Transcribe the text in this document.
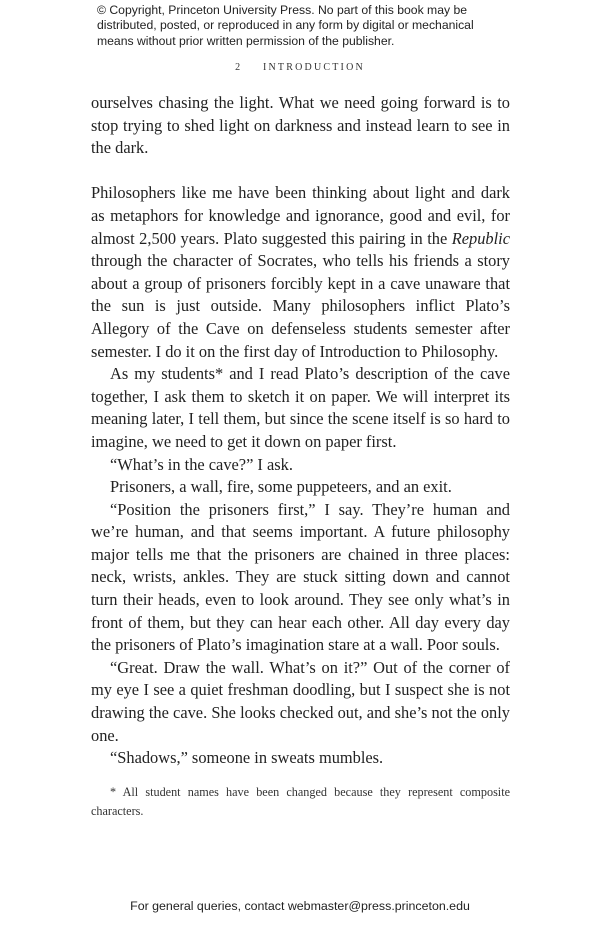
© Copyright, Princeton University Press. No part of this book may be
distributed, posted, or reproduced in any form by digital or mechanical
means without prior written permission of the publisher.
2 INTRODUCTION

ourselves chasing the light. What we need going forward is to stop trying to shed light on darkness and instead learn to see in the dark.

Philosophers like me have been thinking about light and dark as metaphors for knowledge and ignorance, good and evil, for almost 2,500 years. Plato suggested this pairing in the Republic through the character of Socrates, who tells his friends a story about a group of prisoners forcibly kept in a cave unaware that the sun is just outside. Many philosophers inflict Plato’s Allegory of the Cave on defenseless students semester after semester. I do it on the first day of Introduction to Philosophy.

As my students* and I read Plato’s description of the cave together, I ask them to sketch it on paper. We will interpret its meaning later, I tell them, but since the scene itself is so hard to imagine, we need to get it down on paper first.

“What’s in the cave?” I ask.

Prisoners, a wall, fire, some puppeteers, and an exit.

“Position the prisoners first,” I say. They’re human and we’re human, and that seems important. A future philosophy major tells me that the prisoners are chained in three places: neck, wrists, ankles. They are stuck sitting down and cannot turn their heads, even to look around. They see only what’s in front of them, but they can hear each other. All day every day the prisoners of Plato’s imagination stare at a wall. Poor souls.

“Great. Draw the wall. What’s on it?” Out of the corner of my eye I see a quiet freshman doodling, but I suspect she is not drawing the cave. She looks checked out, and she’s not the only one.

“Shadows,” someone in sweats mumbles.

* All student names have been changed because they represent composite characters.
For general queries, contact webmaster@press.princeton.edu
